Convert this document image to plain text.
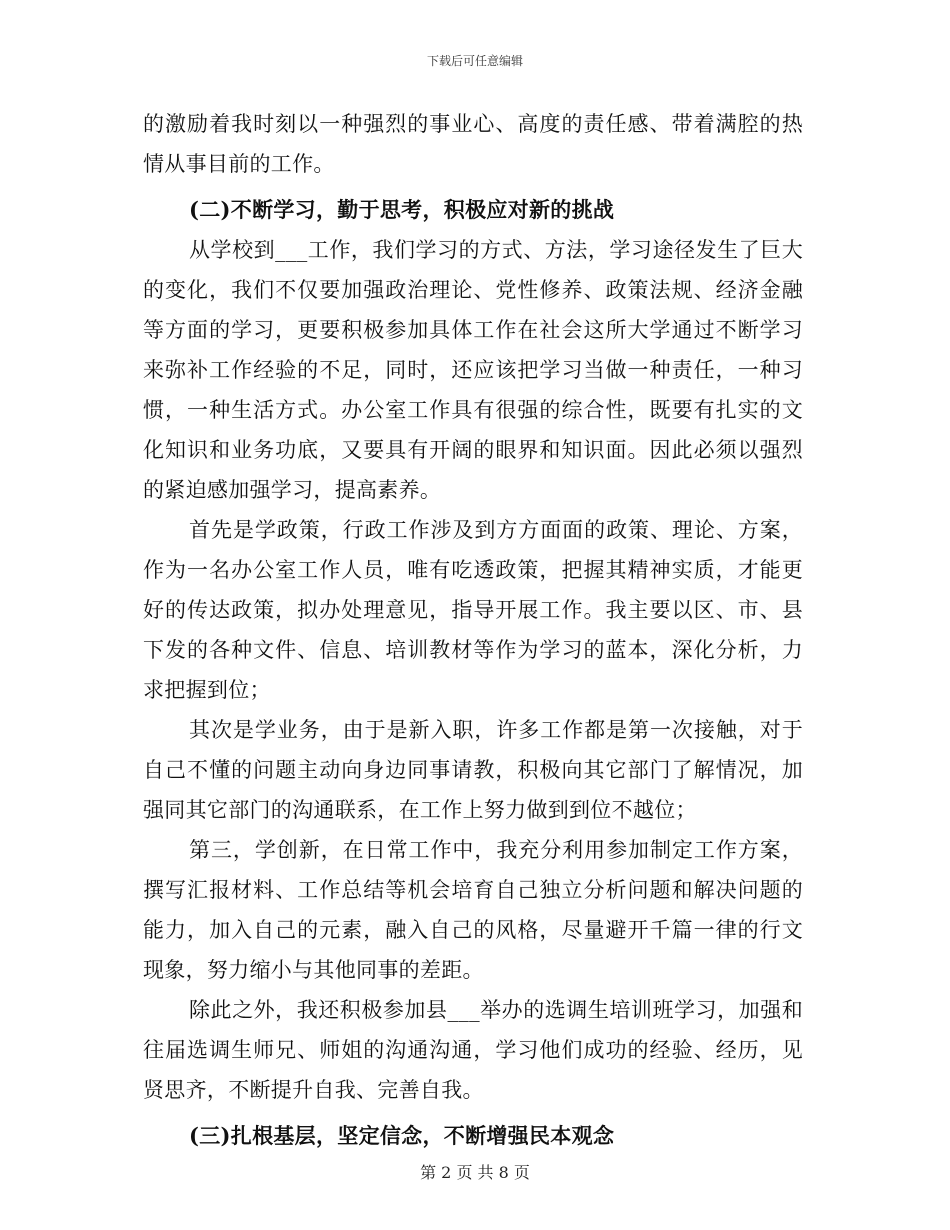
下载后可任意编辑

的激励着我时刻以一种强烈的事业心、高度的责任感、带着满腔的热情从事目前的工作。

(二)不断学习，勤于思考，积极应对新的挑战

从学校到___工作，我们学习的方式、方法，学习途径发生了巨大的变化，我们不仅要加强政治理论、党性修养、政策法规、经济金融等方面的学习，更要积极参加具体工作在社会这所大学通过不断学习来弥补工作经验的不足，同时，还应该把学习当做一种责任，一种习惯，一种生活方式。办公室工作具有很强的综合性，既要有扎实的文化知识和业务功底，又要具有开阔的眼界和知识面。因此必须以强烈的紧迫感加强学习，提高素养。

首先是学政策，行政工作涉及到方方面面的政策、理论、方案，作为一名办公室工作人员，唯有吃透政策，把握其精神实质，才能更好的传达政策，拟办处理意见，指导开展工作。我主要以区、市、县下发的各种文件、信息、培训教材等作为学习的蓝本，深化分析，力求把握到位；

其次是学业务，由于是新入职，许多工作都是第一次接触，对于自己不懂的问题主动向身边同事请教，积极向其它部门了解情况，加强同其它部门的沟通联系，在工作上努力做到到位不越位；

第三，学创新，在日常工作中，我充分利用参加制定工作方案，撰写汇报材料、工作总结等机会培育自己独立分析问题和解决问题的能力，加入自己的元素，融入自己的风格，尽量避开千篇一律的行文现象，努力缩小与其他同事的差距。

除此之外，我还积极参加县___举办的选调生培训班学习，加强和往届选调生师兄、师姐的沟通沟通，学习他们成功的经验、经历，见贤思齐，不断提升自我、完善自我。

(三)扎根基层，坚定信念，不断增强民本观念
第 2 页 共 8 页
